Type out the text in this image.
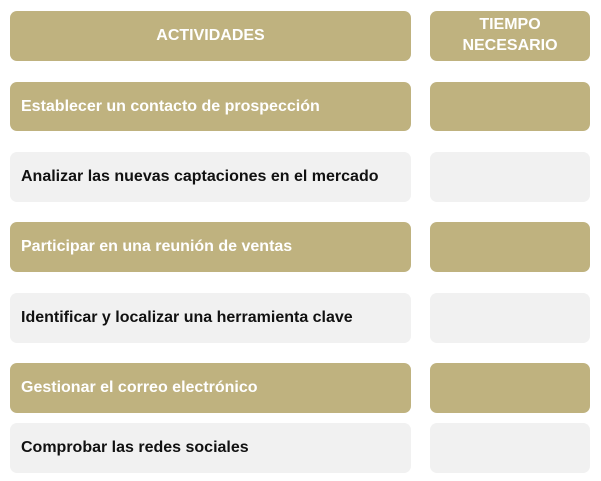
ACTIVIDADES
TIEMPO
NECESARIO
Establecer un contacto de prospección
Analizar las nuevas captaciones en el mercado
Participar en una reunión de ventas
Identificar y localizar una herramienta clave
Gestionar el correo electrónico
Comprobar las redes sociales
